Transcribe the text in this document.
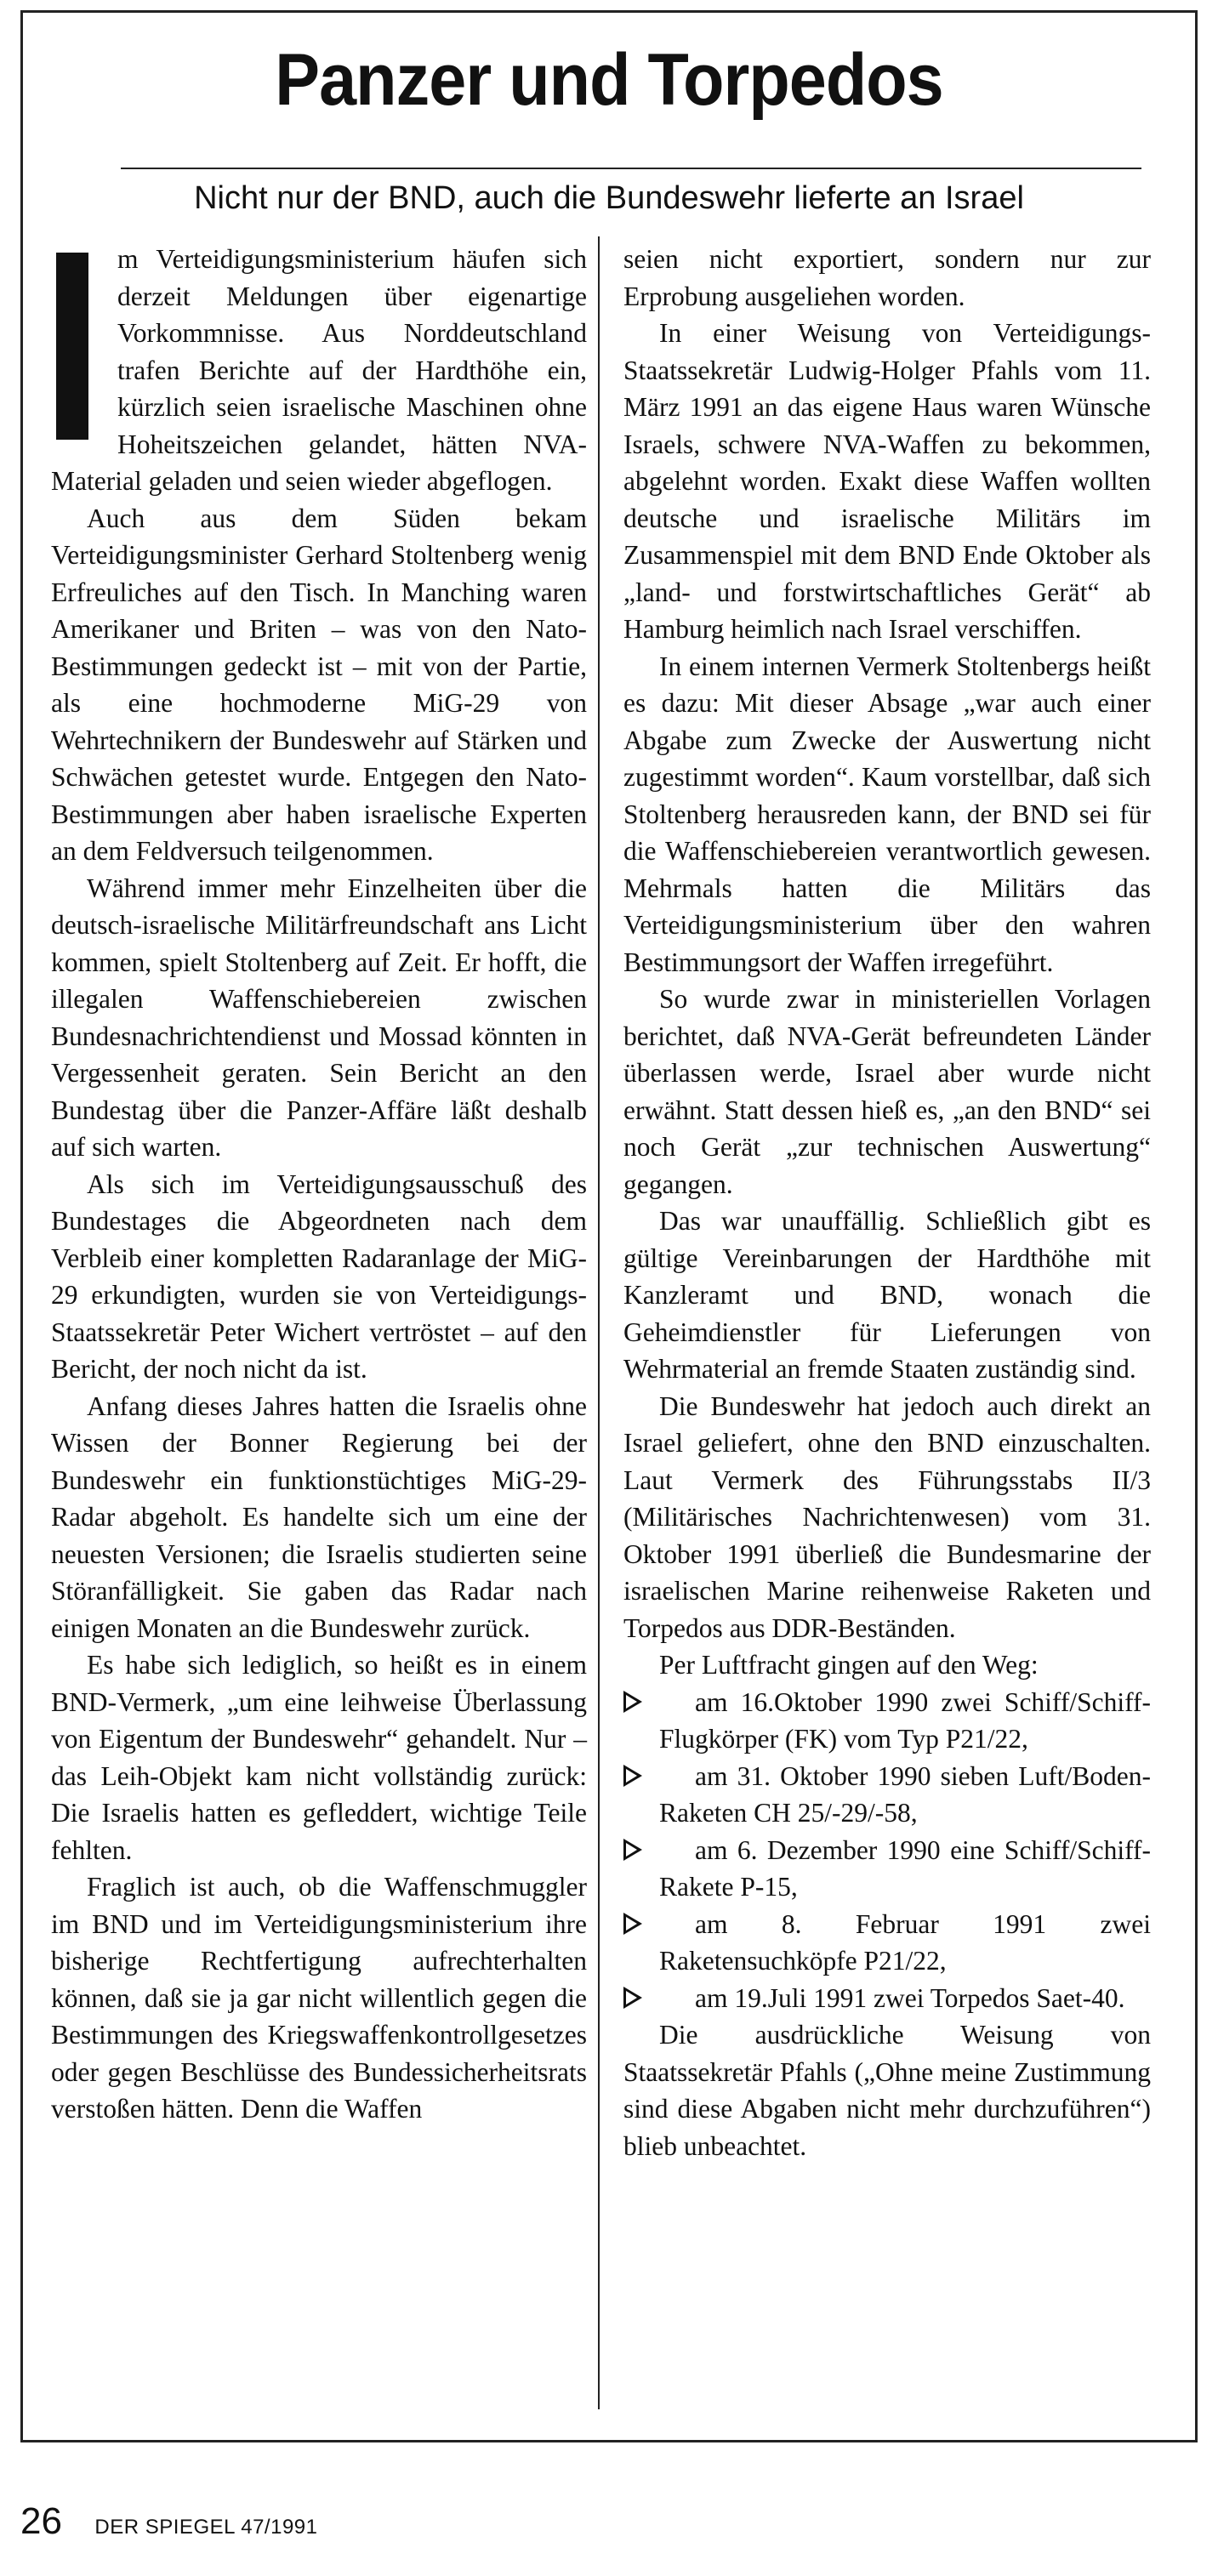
Panzer und Torpedos

Nicht nur der BND, auch die Bundeswehr lieferte an Israel

m Verteidigungsministerium häufen sich derzeit Meldungen über eigenartige Vorkommnisse. Aus Norddeutschland trafen Berichte auf der Hardthöhe ein, kürzlich seien israelische Maschinen ohne Hoheitszeichen gelandet, hätten NVA-Material geladen und seien wieder abgeflogen.

Auch aus dem Süden bekam Verteidigungsminister Gerhard Stoltenberg wenig Erfreuliches auf den Tisch. In Manching waren Amerikaner und Briten – was von den Nato-Bestimmungen gedeckt ist – mit von der Partie, als eine hochmoderne MiG-29 von Wehrtechnikern der Bundeswehr auf Stärken und Schwächen getestet wurde. Entgegen den Nato-Bestimmungen aber haben israelische Experten an dem Feldversuch teilgenommen.

Während immer mehr Einzelheiten über die deutsch-israelische Militärfreundschaft ans Licht kommen, spielt Stoltenberg auf Zeit. Er hofft, die illegalen Waffenschiebereien zwischen Bundesnachrichtendienst und Mossad könnten in Vergessenheit geraten. Sein Bericht an den Bundestag über die Panzer-Affäre läßt deshalb auf sich warten.

Als sich im Verteidigungsausschuß des Bundestages die Abgeordneten nach dem Verbleib einer kompletten Radaranlage der MiG-29 erkundigten, wurden sie von Verteidigungs-Staatssekretär Peter Wichert vertröstet – auf den Bericht, der noch nicht da ist.

Anfang dieses Jahres hatten die Israelis ohne Wissen der Bonner Regierung bei der Bundeswehr ein funktionstüchtiges MiG-29-Radar abgeholt. Es handelte sich um eine der neuesten Versionen; die Israelis studierten seine Störanfälligkeit. Sie gaben das Radar nach einigen Monaten an die Bundeswehr zurück.

Es habe sich lediglich, so heißt es in einem BND-Vermerk, „um eine leihweise Überlassung von Eigentum der Bundeswehr“ gehandelt. Nur – das Leih-Objekt kam nicht vollständig zurück: Die Israelis hatten es gefleddert, wichtige Teile fehlten.

Fraglich ist auch, ob die Waffenschmuggler im BND und im Verteidigungsministerium ihre bisherige Rechtfertigung aufrechterhalten können, daß sie ja gar nicht willentlich gegen die Bestimmungen des Kriegswaffenkontrollgesetzes oder gegen Beschlüsse des Bundessicherheitsrats verstoßen hätten. Denn die Waffen

seien nicht exportiert, sondern nur zur Erprobung ausgeliehen worden.

In einer Weisung von Verteidigungs-Staatssekretär Ludwig-Holger Pfahls vom 11. März 1991 an das eigene Haus waren Wünsche Israels, schwere NVA-Waffen zu bekommen, abgelehnt worden. Exakt diese Waffen wollten deutsche und israelische Militärs im Zusammenspiel mit dem BND Ende Oktober als „land- und forstwirtschaftliches Gerät“ ab Hamburg heimlich nach Israel verschiffen.

In einem internen Vermerk Stoltenbergs heißt es dazu: Mit dieser Absage „war auch einer Abgabe zum Zwecke der Auswertung nicht zugestimmt worden“. Kaum vorstellbar, daß sich Stoltenberg herausreden kann, der BND sei für die Waffenschiebereien verantwortlich gewesen. Mehrmals hatten die Militärs das Verteidigungsministerium über den wahren Bestimmungsort der Waffen irregeführt.

So wurde zwar in ministeriellen Vorlagen berichtet, daß NVA-Gerät befreundeten Länder überlassen werde, Israel aber wurde nicht erwähnt. Statt dessen hieß es, „an den BND“ sei noch Gerät „zur technischen Auswertung“ gegangen.

Das war unauffällig. Schließlich gibt es gültige Vereinbarungen der Hardthöhe mit Kanzleramt und BND, wonach die Geheimdienstler für Lieferungen von Wehrmaterial an fremde Staaten zuständig sind.

Die Bundeswehr hat jedoch auch direkt an Israel geliefert, ohne den BND einzuschalten. Laut Vermerk des Führungsstabs II/3 (Militärisches Nachrichtenwesen) vom 31. Oktober 1991 überließ die Bundesmarine der israelischen Marine reihenweise Raketen und Torpedos aus DDR-Beständen.

Per Luftfracht gingen auf den Weg:

am 16.Oktober 1990 zwei Schiff/Schiff-Flugkörper (FK) vom Typ P21/22,

am 31. Oktober 1990 sieben Luft/Boden-Raketen CH 25/-29/-58,

am 6. Dezember 1990 eine Schiff/Schiff-Rakete P-15,

am 8. Februar 1991 zwei Raketensuchköpfe P21/22,

am 19.Juli 1991 zwei Torpedos Saet-40.

Die ausdrückliche Weisung von Staatssekretär Pfahls („Ohne meine Zustimmung sind diese Abgaben nicht mehr durchzuführen“) blieb unbeachtet.

26 DER SPIEGEL 47/1991
